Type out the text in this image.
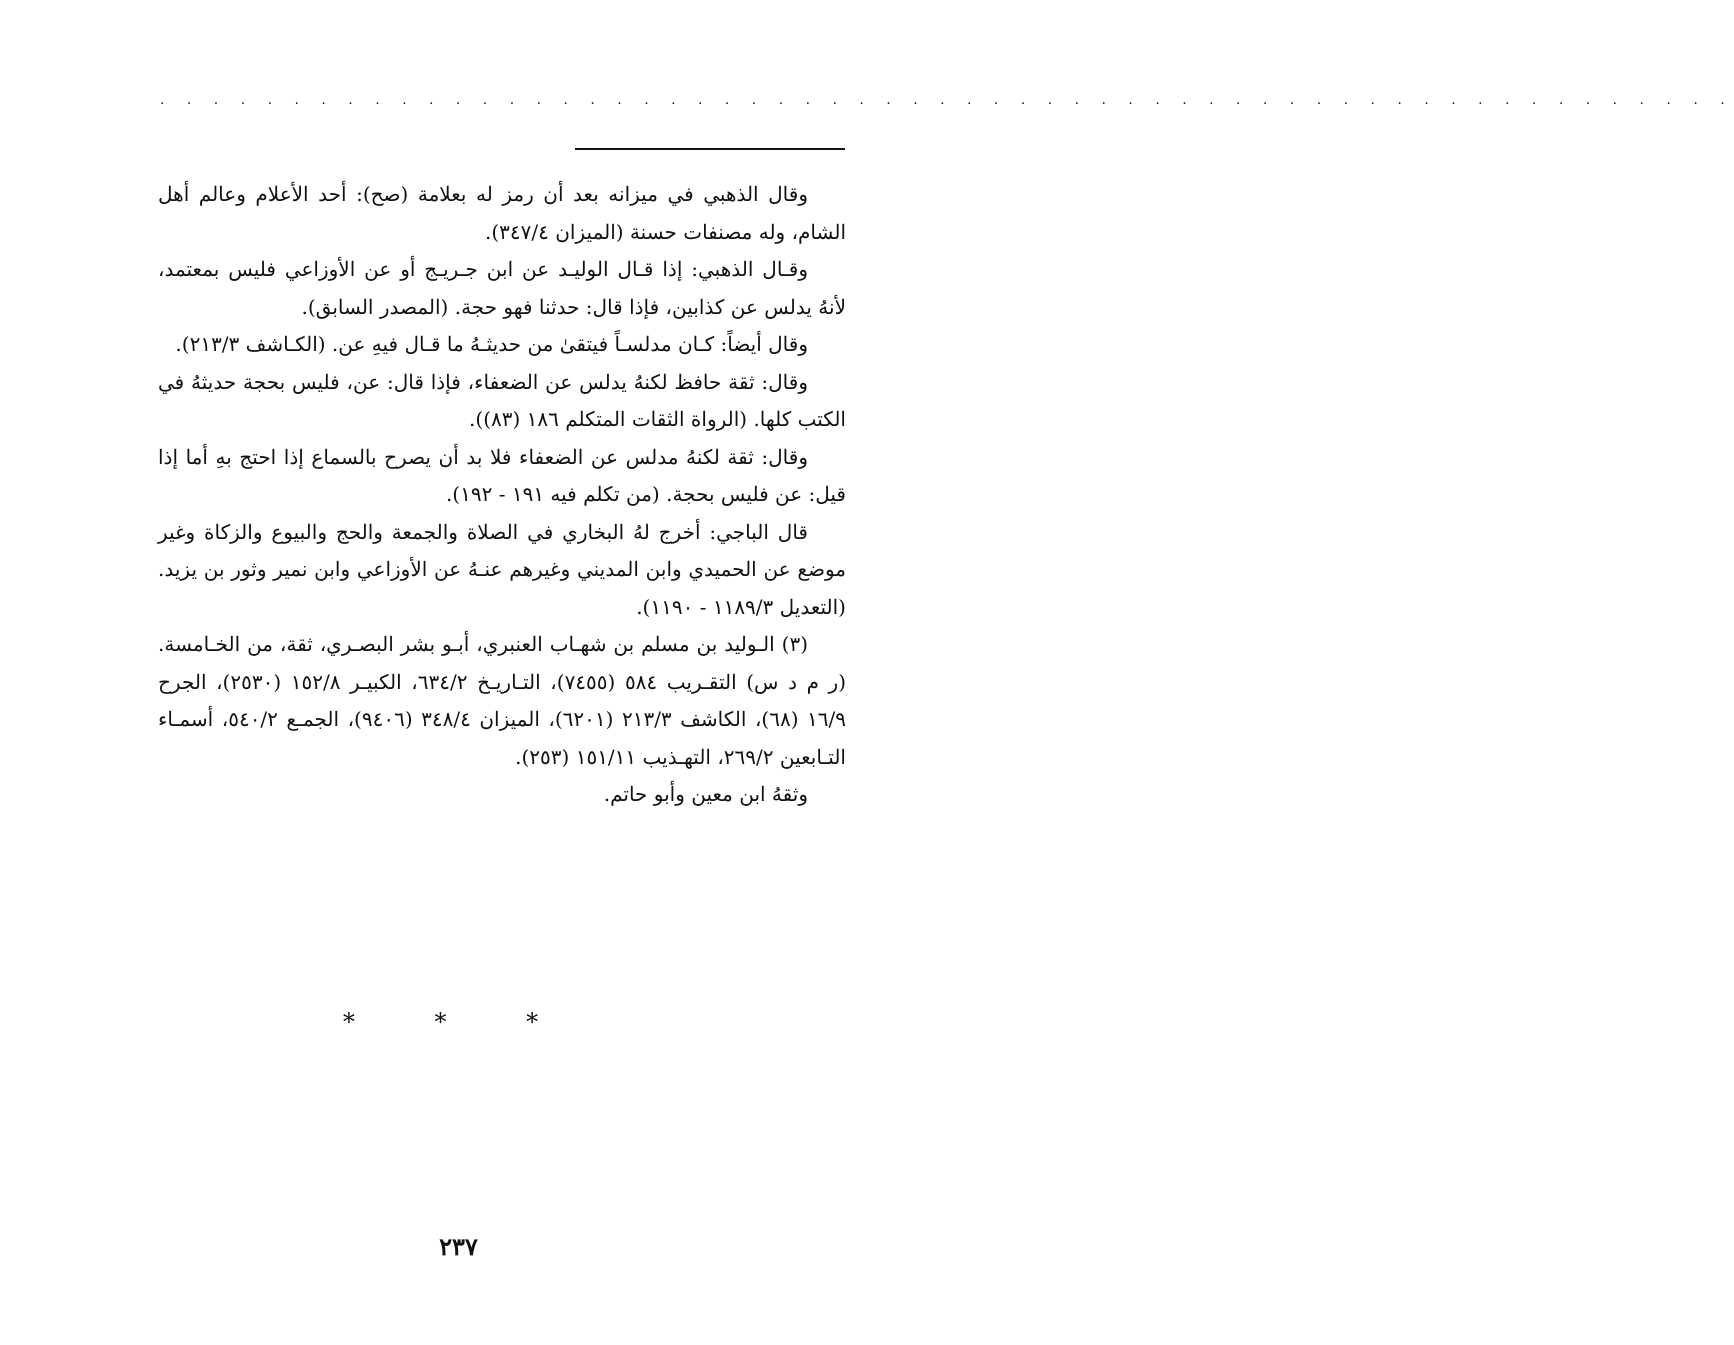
. . . . . . . . . . . . . . . . . . . . . . . . . . . . . . . . . . . . . . . . . . . . . . . . . . . . . . . . . . .

وقال الذهبي في ميزانه بعد أن رمز له بعلامة (صح): أحد الأعلام وعالم أهل الشام، وله مصنفات حسنة (الميزان ٣٤٧/٤).

وقـال الذهبي: إذا قـال الوليـد عن ابن جـريـج أو عن الأوزاعي فليس بمعتمد، لأنهُ يدلس عن كذابين، فإذا قال: حدثنا فهو حجة. (المصدر السابق).

وقال أيضاً: كـان مدلسـاً فيتقىٰ من حديثـهُ ما قـال فيهِ عن. (الكـاشف ٢١٣/٣).

وقال: ثقة حافظ لكنهُ يدلس عن الضعفاء، فإذا قال: عن، فليس بحجة حديثهُ في الكتب كلها. (الرواة الثقات المتكلم ١٨٦ (٨٣)).

وقال: ثقة لكنهُ مدلس عن الضعفاء فلا بد أن يصرح بالسماع إذا احتج بهِ أما إذا قيل: عن فليس بحجة. (من تكلم فيه ١٩١ - ١٩٢).

قال الباجي: أخرج لهُ البخاري في الصلاة والجمعة والحج والبيوع والزكاة وغير موضع عن الحميدي وابن المديني وغيرهم عنـهُ عن الأوزاعي وابن نمير وثور بن يزيد. (التعديل ١١٨٩/٣ - ١١٩٠).

(٣) الـوليد بن مسلم بن شهـاب العنبري، أبـو بشر البصـري، ثقة، من الخـامسة. (ر م د س) التقـريب ٥٨٤ (٧٤٥٥)، التـاريـخ ٦٣٤/٢، الكبيـر ١٥٢/٨ (٢٥٣٠)، الجرح ١٦/٩ (٦٨)، الكاشف ٢١٣/٣ (٦٢٠١)، الميزان ٣٤٨/٤ (٩٤٠٦)، الجمـع ٥٤٠/٢، أسمـاء التـابعين ٢٦٩/٢، التهـذيب ١٥١/١١ (٢٥٣).

وثقهُ ابن معين وأبو حاتم.

* * *
٢٣٧
